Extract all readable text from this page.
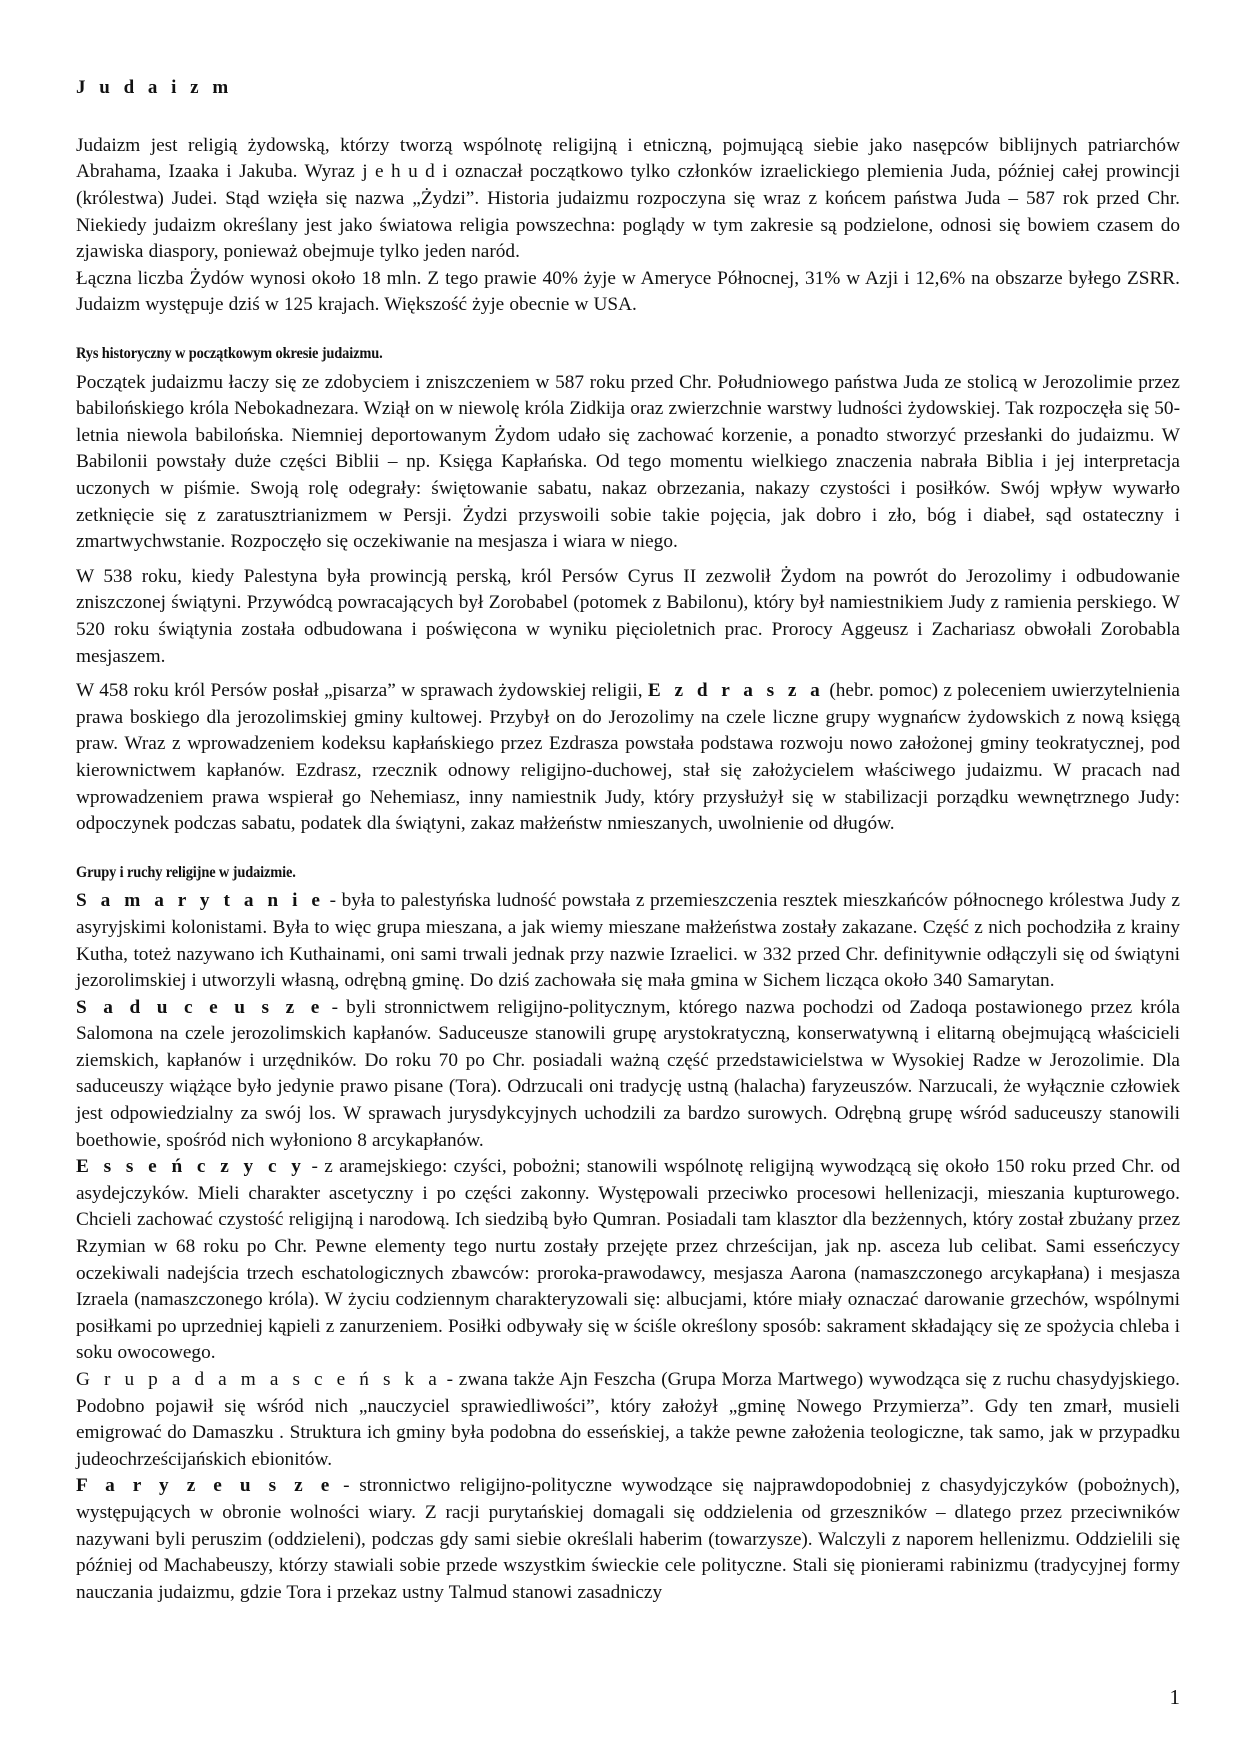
J u d a i z m

Judaizm jest religią żydowską, którzy tworzą wspólnotę religijną i etniczną, pojmującą siebie jako nasępców biblijnych patriarchów Abrahama, Izaaka i Jakuba. Wyraz j e h u d i oznaczał początkowo tylko członków izraelickiego plemienia Juda, później całej prowincji (królestwa) Judei. Stąd wzięła się nazwa „Żydzi”. Historia judaizmu rozpoczyna się wraz z końcem państwa Juda – 587 rok przed Chr. Niekiedy judaizm określany jest jako światowa religia powszechna: poglądy w tym zakresie są podzielone, odnosi się bowiem czasem do zjawiska diaspory, ponieważ obejmuje tylko jeden naród.

Łączna liczba Żydów wynosi około 18 mln. Z tego prawie 40% żyje w Ameryce Północnej, 31% w Azji i 12,6% na obszarze byłego ZSRR. Judaizm występuje dziś w 125 krajach. Większość żyje obecnie w USA.

Rys historyczny w początkowym okresie judaizmu.

Początek judaizmu łaczy się ze zdobyciem i zniszczeniem w 587 roku przed Chr. Południowego państwa Juda ze stolicą w Jerozolimie przez babilońskiego króla Nebokadnezara. Wziął on w niewolę króla Zidkija oraz zwierzchnie warstwy ludności żydowskiej. Tak rozpoczęła się 50-letnia niewola babilońska. Niemniej deportowanym Żydom udało się zachować korzenie, a ponadto stworzyć przesłanki do judaizmu. W Babilonii powstały duże części Biblii – np. Księga Kapłańska. Od tego momentu wielkiego znaczenia nabrała Biblia i jej interpretacja uczonych w piśmie. Swoją rolę odegrały: świętowanie sabatu, nakaz obrzezania, nakazy czystości i posiłków. Swój wpływ wywarło zetknięcie się z zaratusztrianizmem w Persji. Żydzi przyswoili sobie takie pojęcia, jak dobro i zło, bóg i diabeł, sąd ostateczny i zmartwychwstanie. Rozpoczęło się oczekiwanie na mesjasza i wiara w niego.

W 538 roku, kiedy Palestyna była prowincją perską, król Persów Cyrus II zezwolił Żydom na powrót do Jerozolimy i odbudowanie zniszczonej świątyni. Przywódcą powracających był Zorobabel (potomek z Babilonu), który był namiestnikiem Judy z ramienia perskiego. W 520 roku świątynia została odbudowana i poświęcona w wyniku pięcioletnich prac. Prorocy Aggeusz i Zachariasz obwołali Zorobabla mesjaszem.

W 458 roku król Persów posłał „pisarza” w sprawach żydowskiej religii, E z d r a s z a (hebr. pomoc) z poleceniem uwierzytelnienia prawa boskiego dla jerozolimskiej gminy kultowej. Przybył on do Jerozolimy na czele liczne grupy wygnańcw żydowskich z nową księgą praw. Wraz z wprowadzeniem kodeksu kapłańskiego przez Ezdrasza powstała podstawa rozwoju nowo założonej gminy teokratycznej, pod kierownictwem kapłanów. Ezdrasz, rzecznik odnowy religijno-duchowej, stał się założycielem właściwego judaizmu. W pracach nad wprowadzeniem prawa wspierał go Nehemiasz, inny namiestnik Judy, który przysłużył się w stabilizacji porządku wewnętrznego Judy: odpoczynek podczas sabatu, podatek dla świątyni, zakaz małżeństw nmieszanych, uwolnienie od długów.

Grupy i ruchy religijne w judaizmie.

S a m a r y t a n i e - była to palestyńska ludność powstała z przemieszczenia resztek mieszkańców północnego królestwa Judy z asyryjskimi kolonistami. Była to więc grupa mieszana, a jak wiemy mieszane małżeństwa zostały zakazane. Część z nich pochodziła z krainy Kutha, toteż nazywano ich Kuthainami, oni sami trwali jednak przy nazwie Izraelici. w 332 przed Chr. definitywnie odłączyli się od świątyni jezorolimskiej i utworzyli własną, odrębną gminę. Do dziś zachowała się mała gmina w Sichem licząca około 340 Samarytan.

S a d u c e u s z e - byli stronnictwem religijno-politycznym, którego nazwa pochodzi od Zadoqa postawionego przez króla Salomona na czele jerozolimskich kapłanów. Saduceusze stanowili grupę arystokratyczną, konserwatywną i elitarną obejmującą właścicieli ziemskich, kapłanów i urzędników. Do roku 70 po Chr. posiadali ważną część przedstawicielstwa w Wysokiej Radze w Jerozolimie. Dla saduceuszy wiążące było jedynie prawo pisane (Tora). Odrzucali oni tradycję ustną (halacha) faryzeuszów. Narzucali, że wyłącznie człowiek jest odpowiedzialny za swój los. W sprawach jurysdykcyjnych uchodzili za bardzo surowych. Odrębną grupę wśród saduceuszy stanowili boethowie, spośród nich wyłoniono 8 arcykapłanów.

E s s e ń c z y c y - z aramejskiego: czyści, pobożni; stanowili wspólnotę religijną wywodzącą się około 150 roku przed Chr. od asydejczyków. Mieli charakter ascetyczny i po części zakonny. Występowali przeciwko procesowi hellenizacji, mieszania kupturowego. Chcieli zachować czystość religijną i narodową. Ich siedzibą było Qumran. Posiadali tam klasztor dla bezżennych, który został zbużany przez Rzymian w 68 roku po Chr. Pewne elementy tego nurtu zostały przejęte przez chrześcijan, jak np. asceza lub celibat. Sami esseńczycy oczekiwali nadejścia trzech eschatologicznych zbawców: proroka-prawodawcy, mesjasza Aarona (namaszczonego arcykapłana) i mesjasza Izraela (namaszczonego króla). W życiu codziennym charakteryzowali się: albucjami, które miały oznaczać darowanie grzechów, wspólnymi posiłkami po uprzedniej kąpieli z zanurzeniem. Posiłki odbywały się w ściśle określony sposób: sakrament składający się ze spożycia chleba i soku owocowego.

G r u p a d a m a s c e ń s k a - zwana także Ajn Feszcha (Grupa Morza Martwego) wywodząca się z ruchu chasydyjskiego. Podobno pojawił się wśród nich „nauczyciel sprawiedliwości”, który założył „gminę Nowego Przymierza”. Gdy ten zmarł, musieli emigrować do Damaszku . Struktura ich gminy była podobna do esseńskiej, a także pewne założenia teologiczne, tak samo, jak w przypadku judeochrześcijańskich ebionitów.

F a r y z e u s z e - stronnictwo religijno-polityczne wywodzące się najprawdopodobniej z chasydyjczyków (pobożnych), występujących w obronie wolności wiary. Z racji purytańskiej domagali się oddzielenia od grzeszników – dlatego przez przeciwników nazywani byli peruszim (oddzieleni), podczas gdy sami siebie określali haberim (towarzysze). Walczyli z naporem hellenizmu. Oddzielili się później od Machabeuszy, którzy stawiali sobie przede wszystkim świeckie cele polityczne. Stali się pionierami rabinizmu (tradycyjnej formy nauczania judaizmu, gdzie Tora i przekaz ustny Talmud stanowi zasadniczy

1
